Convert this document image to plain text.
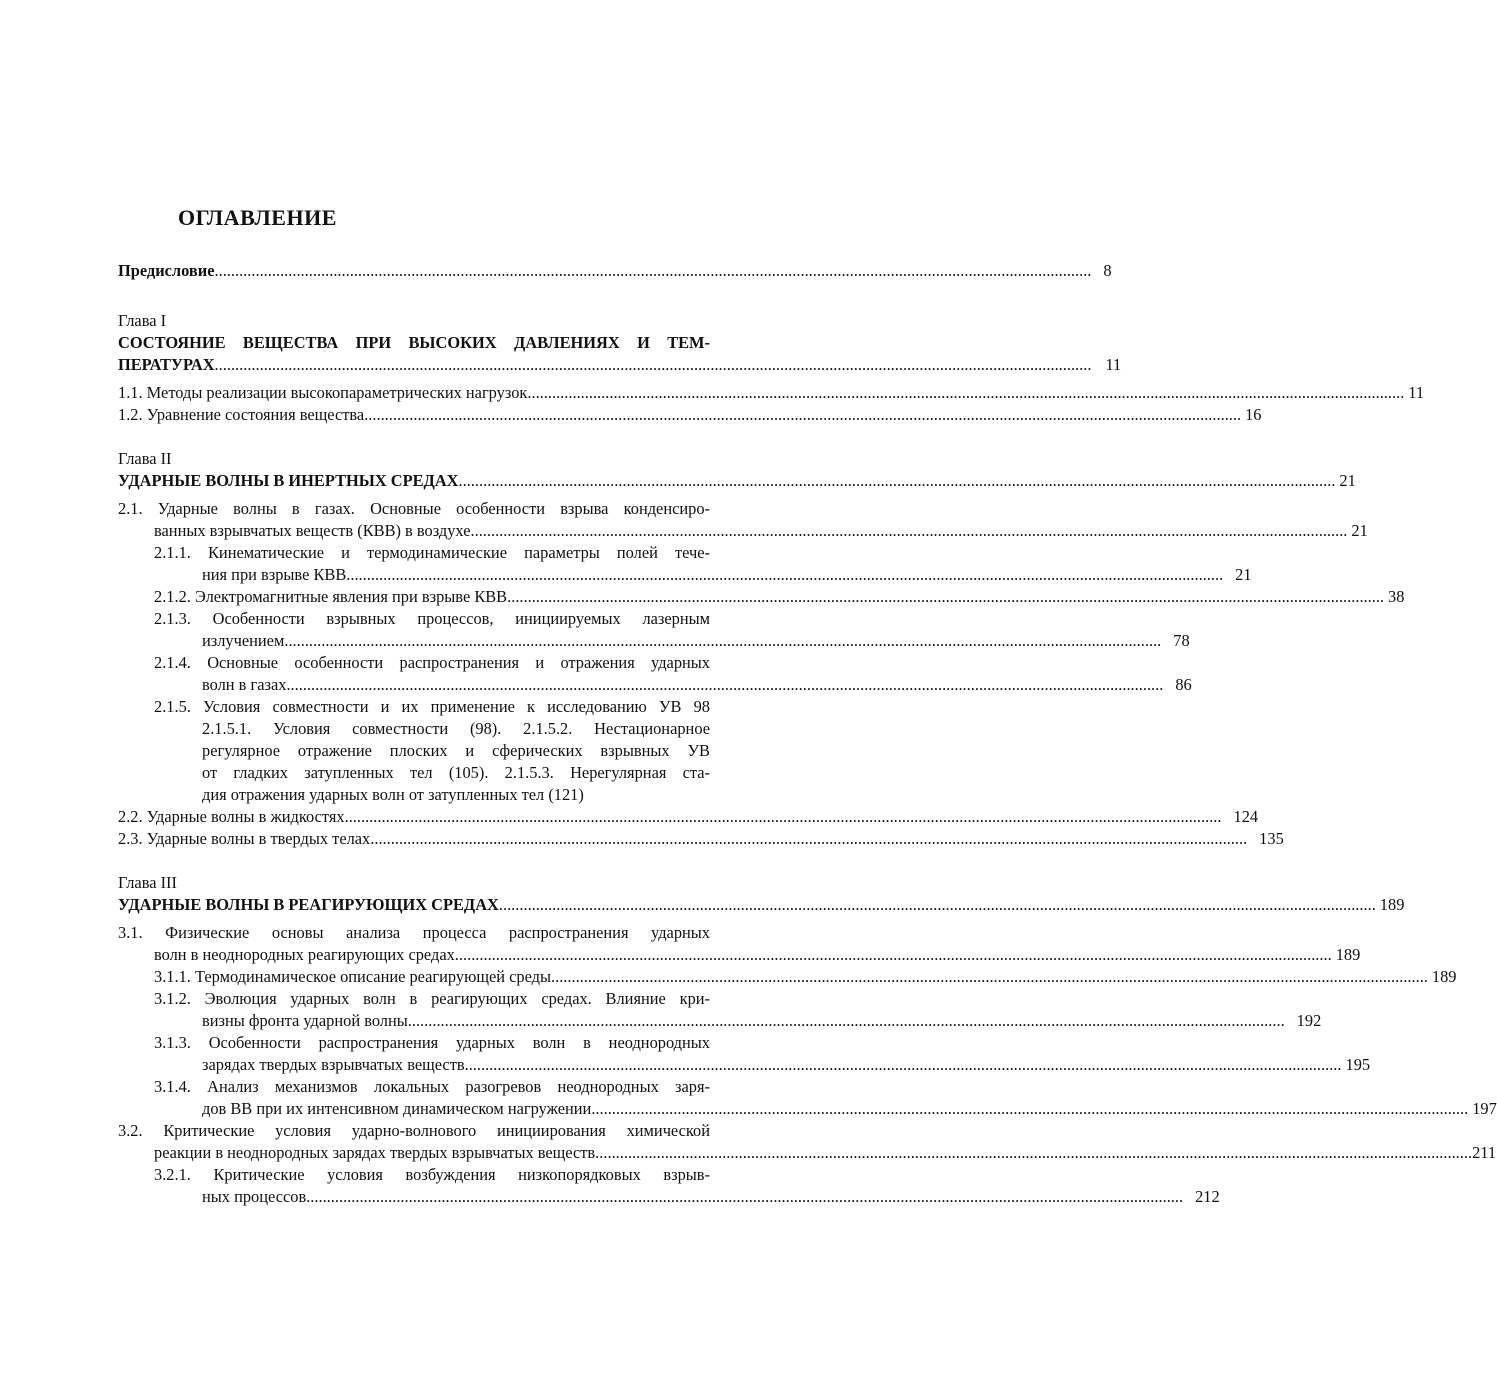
ОГЛАВЛЕНИЕ
Предисловие .....	8
Глава I
СОСТОЯНИЕ ВЕЩЕСТВА ПРИ ВЫСОКИХ ДАВЛЕНИЯХ И ТЕМ-
ПЕРАТУРАХ .....	11
1.1. Методы реализации высокопараметрических нагрузок .....	11
1.2. Уравнение состояния вещества .....	16
Глава II
УДАРНЫЕ ВОЛНЫ В ИНЕРТНЫХ СРЕДАХ .....	21
2.1. Ударные волны в газах. Основные особенности взрыва конденсиро-
ванных взрывчатых веществ (КВВ) в воздухе .....	21
2.1.1. Кинематические и термодинамические параметры полей тече-
ния при взрыве КВВ .....	21
2.1.2. Электромагнитные явления при взрыве КВВ .....	38
2.1.3. Особенности взрывных процессов, инициируемых лазерным
излучением .....	78
2.1.4. Основные особенности распространения и отражения ударных
волн в газах .....	86
2.1.5. Условия совместности и их применение к исследованию УВ 98
2.1.5.1. Условия совместности (98). 2.1.5.2. Нестационарное
регулярное отражение плоских и сферических взрывных УВ
от гладких затупленных тел (105). 2.1.5.3. Нерегулярная ста-
дия отражения ударных волн от затупленных тел (121)
2.2. Ударные волны в жидкостях .....	124
2.3. Ударные волны в твердых телах .....	135
Глава III
УДАРНЫЕ ВОЛНЫ В РЕАГИРУЮЩИХ СРЕДАХ .....	189
3.1. Физические основы анализа процесса распространения ударных
волн в неоднородных реагирующих средах .....	189
3.1.1. Термодинамическое описание реагирующей среды .....	189
3.1.2. Эволюция ударных волн в реагирующих средах. Влияние кри-
визны фронта ударной волны .....	192
3.1.3. Особенности распространения ударных волн в неоднородных
зарядах твердых взрывчатых веществ .....	195
3.1.4. Анализ механизмов локальных разогревов неоднородных заря-
дов ВВ при их интенсивном динамическом нагружении .....	197
3.2. Критические условия ударно-волнового инициирования химической
реакции в неоднородных зарядах твердых взрывчатых веществ .....	211
3.2.1. Критические условия возбуждения низкопорядковых взрыв-
ных процессов .....	212
